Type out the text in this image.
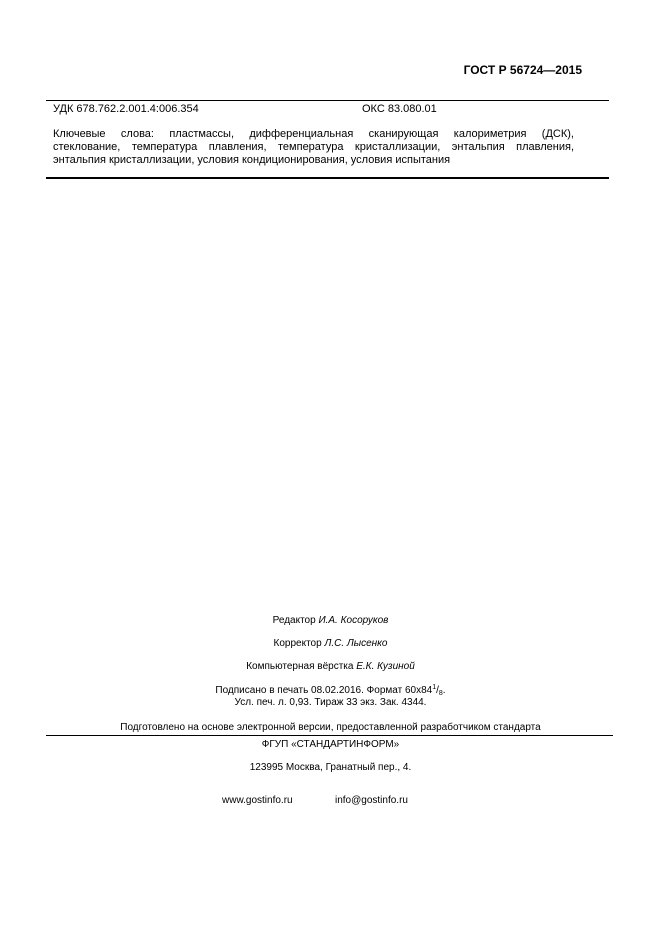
ГОСТ Р 56724—2015
УДК 678.762.2.001.4:006.354	ОКС 83.080.01
Ключевые слова: пластмассы, дифференциальная сканирующая калориметрия (ДСК),
стеклование, температура плавления, температура кристаллизации, энтальпия плавления,
энтальпия кристаллизации, условия кондиционирования, условия испытания
Редактор И.А. Косоруков
Корректор Л.С. Лысенко
Компьютерная вёрстка Е.К. Кузиной
Подписано в печать 08.02.2016. Формат $60х84^1/_8$.
Усл. печ. л. 0,93. Тираж 33 экз. Зак. 4344.
Подготовлено на основе электронной версии, предоставленной разработчиком стандарта
ФГУП «СТАНДАРТИНФОРМ»
123995 Москва, Гранатный пер., 4.
www.gostinfo.ru	info@gostinfo.ru
